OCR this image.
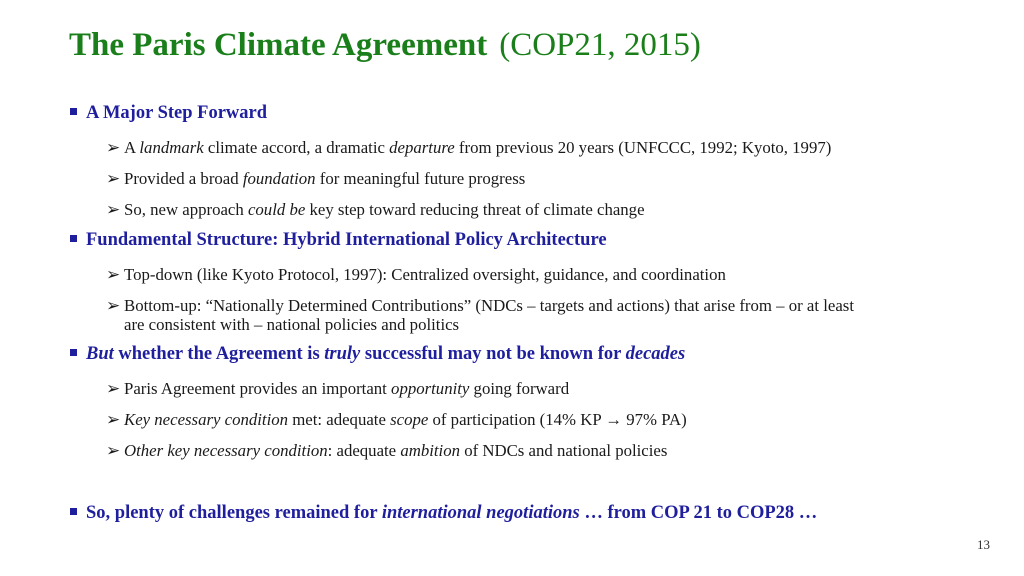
The Paris Climate Agreement (COP21, 2015)
A Major Step Forward
➢ A landmark climate accord, a dramatic departure from previous 20 years (UNFCCC, 1992; Kyoto, 1997)
➢ Provided a broad foundation for meaningful future progress
➢ So, new approach could be key step toward reducing threat of climate change
Fundamental Structure: Hybrid International Policy Architecture
➢ Top-down (like Kyoto Protocol, 1997): Centralized oversight, guidance, and coordination
➢ Bottom-up: “Nationally Determined Contributions” (NDCs – targets and actions) that arise from – or at least
are consistent with – national policies and politics
But whether the Agreement is truly successful may not be known for decades
➢ Paris Agreement provides an important opportunity going forward
➢ Key necessary condition met: adequate scope of participation (14% KP → 97% PA)
➢ Other key necessary condition: adequate ambition of NDCs and national policies
So, plenty of challenges remained for international negotiations … from COP 21 to COP28 …
13
